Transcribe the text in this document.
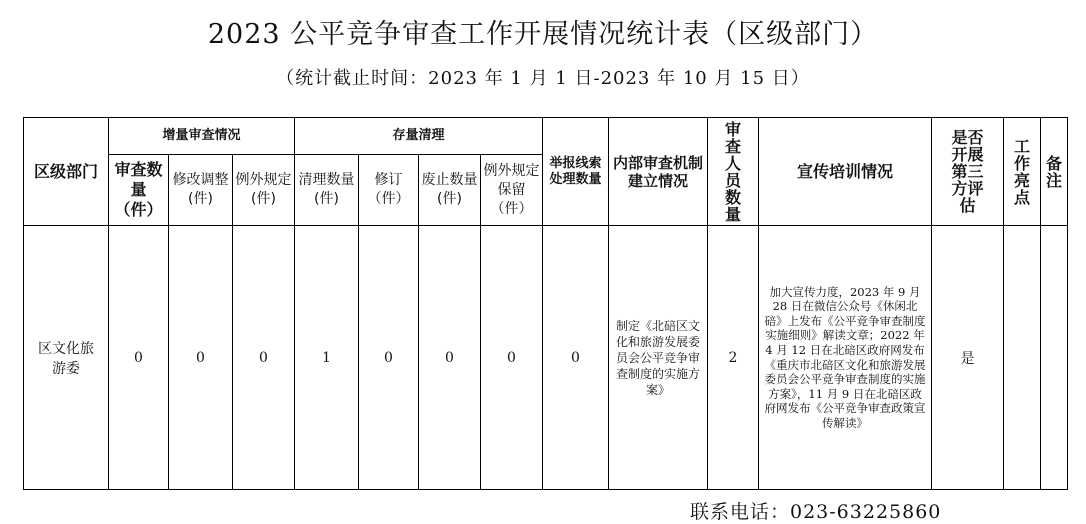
2023 公平竞争审查工作开展情况统计表（区级部门）
（统计截止时间：2023 年 1 月 1 日-2023 年 10 月 15 日）
区级部门	增量审查情况			存量清理				举报线索处理数量	内部审查机制建立情况	审查人员数量	宣传培训情况	是否开展第三方评估	工作亮点	备注

	审查数量（件）	修改调整(件)	例外规定(件)	清理数量(件)	修订（件）	废止数量(件)	例外规定保留（件）							

区文化旅游委	0	0	0	1	0	0	0	0	制定《北碚区文化和旅游发展委员会公平竞争审查制度的实施方案》	2	加大宣传力度，2023 年 9 月 28 日在微信公众号《休闲北碚》上发布《公平竞争审查制度实施细则》解读文章；2022 年 4 月 12 日在北碚区政府网发布《重庆市北碚区文化和旅游发展委员会公平竞争审查制度的实施方案》，11 月 9 日在北碚区政府网发布《公平竞争审查政策宣传解读》	是		
联系电话：023-63225860
